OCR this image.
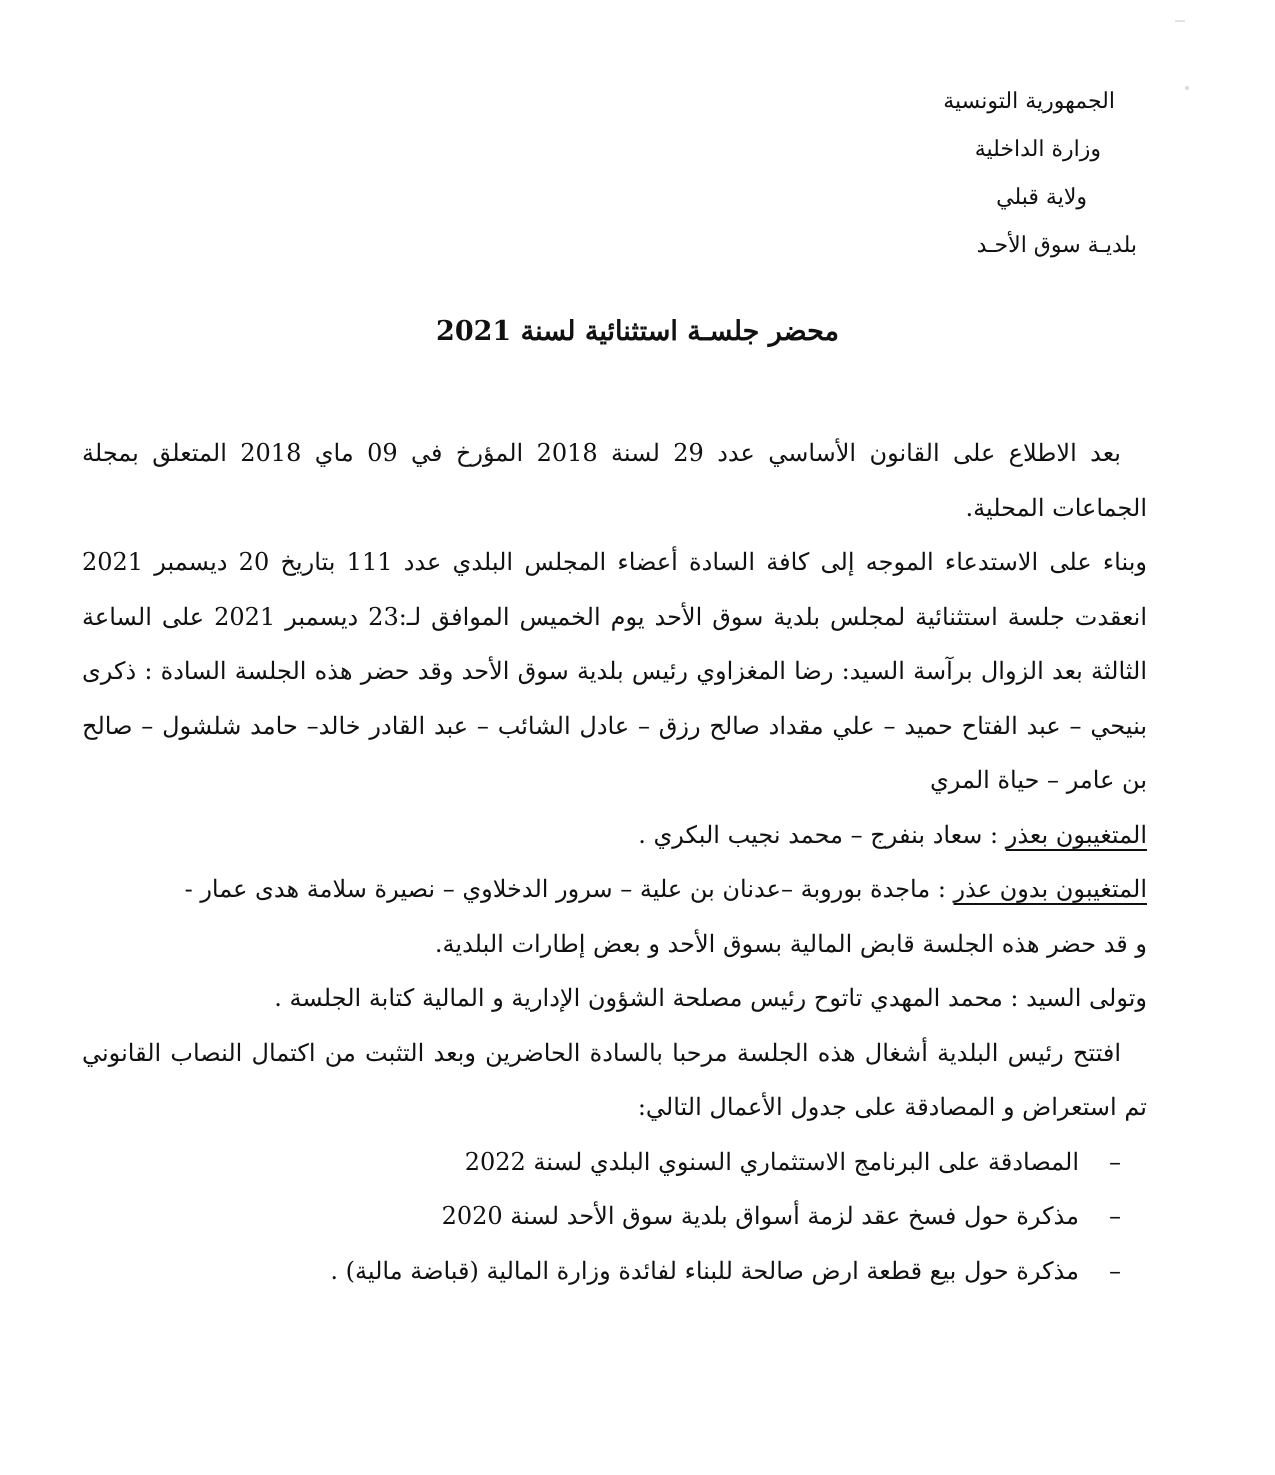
الجمهورية التونسية
وزارة الداخلية
ولاية قبلي
بلديـة سوق الأحـد
محضر جلسـة استثنائية لسنة 2021

بعد الاطلاع على القانون الأساسي عدد 29 لسنة 2018 المؤرخ في 09 ماي 2018 المتعلق بمجلة الجماعات المحلية.

وبناء على الاستدعاء الموجه إلى كافة السادة أعضاء المجلس البلدي عدد 111 بتاريخ 20 ديسمبر 2021 انعقدت جلسة استثنائية لمجلس بلدية سوق الأحد يوم الخميس الموافق لـ:23 ديسمبر 2021 على الساعة الثالثة بعد الزوال برآسة السيد: رضا المغزاوي رئيس بلدية سوق الأحد وقد حضر هذه الجلسة السادة : ذكرى بنيحي – عبد الفتاح حميد – علي مقداد صالح رزق – عادل الشائب – عبد القادر خالد– حامد شلشول – صالح بن عامر – حياة المري

المتغيبون بعذر : سعاد بنفرج – محمد نجيب البكري .

المتغيبون بدون عذر : ماجدة بوروبة –عدنان بن علية – سرور الدخلاوي – نصيرة سلامة هدى عمار -

و قد حضر هذه الجلسة قابض المالية بسوق الأحد و بعض إطارات البلدية.

وتولى السيد : محمد المهدي تاتوح رئيس مصلحة الشؤون الإدارية و المالية كتابة الجلسة .

افتتح رئيس البلدية أشغال هذه الجلسة مرحبا بالسادة الحاضرين وبعد التثبت من اكتمال النصاب القانوني تم استعراض و المصادقة على جدول الأعمال التالي:

–المصادقة على البرنامج الاستثماري السنوي البلدي لسنة 2022
–مذكرة حول فسخ عقد لزمة أسواق بلدية سوق الأحد لسنة 2020
–مذكرة حول بيع قطعة ارض صالحة للبناء لفائدة وزارة المالية (قباضة مالية) .
